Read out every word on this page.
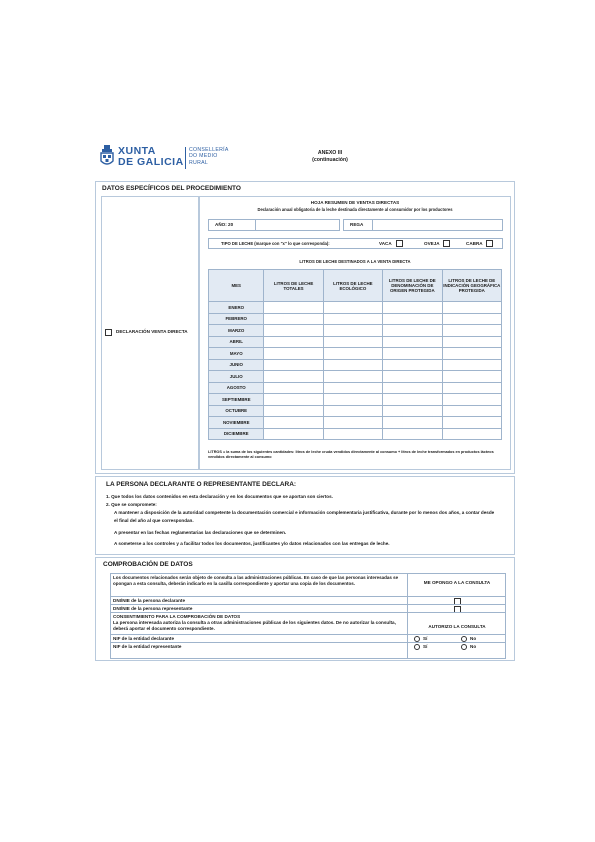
XUNTA
DE GALICIA
CONSELLERÍA
DO MEDIO
RURAL
ANEXO III
(continuación)
DATOS ESPECÍFICOS DEL PROCEDIMIENTO
DECLARACIÓN VENTA DIRECTA
HOJA RESUMEN DE VENTAS DIRECTAS
Declaración anual obligatoria de la leche destinada directamente al consumidor por los productores
AÑO: 20	REGA
TIPO DE LECHE (marque con "x" lo que corresponda):	VACA	OVEJA	CABRA
LITROS DE LECHE DESTINADOS A LA VENTA DIRECTA
MES	LITROS DE LECHE TOTALES	LITROS DE LECHE ECOLÓGICO	LITROS DE LECHE DE DENOMINACIÓN DE ORIGEN PROTEGIDA	LITROS DE LECHE DE INDICACIÓN GEOGRÁFICA PROTEGIDA
ENERO				
FEBRERO				
MARZO				
ABRIL				
MAYO				
JUNIO				
JULIO				
AGOSTO				
SEPTIEMBRE				
OCTUBRE				
NOVIEMBRE				
DICIEMBRE				
LITROS = la suma de los siguientes cantidades: litros de leche cruda vendidos directamente al consumo + litros de leche transformados en productos lácteos vendidos directamente al consumo
LA PERSONA DECLARANTE O REPRESENTANTE DECLARA:
1. Que todos los datos contenidos en esta declaración y en los documentos que se aportan son ciertos.
2. Que se compromete:
A mantener a disposición de la autoridad competente la documentación comercial e información complementaria justificativa, durante por lo menos dos años, a contar desde el final del año al que correspondan.
A presentar en las fechas reglamentarias las declaraciones que se determinen.
A someterse a los controles y a facilitar todos los documentos, justificantes y/o datos relacionados con las entregas de leche.
COMPROBACIÓN DE DATOS
Los documentos relacionados serán objeto de consulta a las administraciones públicas. En caso de que las personas interesadas se opongan a esta consulta, deberán indicarlo en la casilla correspondiente y aportar una copia de los documentos.	ME OPONGO A LA CONSULTA
DNI/NIE de la persona declarante
DNI/NIE de la persona representante
CONSENTIMIENTO PARA LA COMPROBACIÓN DE DATOS
La persona interesada autoriza la consulta a otras administraciones públicas de los siguientes datos. De no autorizar la consulta, deberá aportar el documento correspondiente.	AUTORIZO LA CONSULTA
NIF de la entidad declarante	Sí	No
NIF de la entidad representante	Sí	No
